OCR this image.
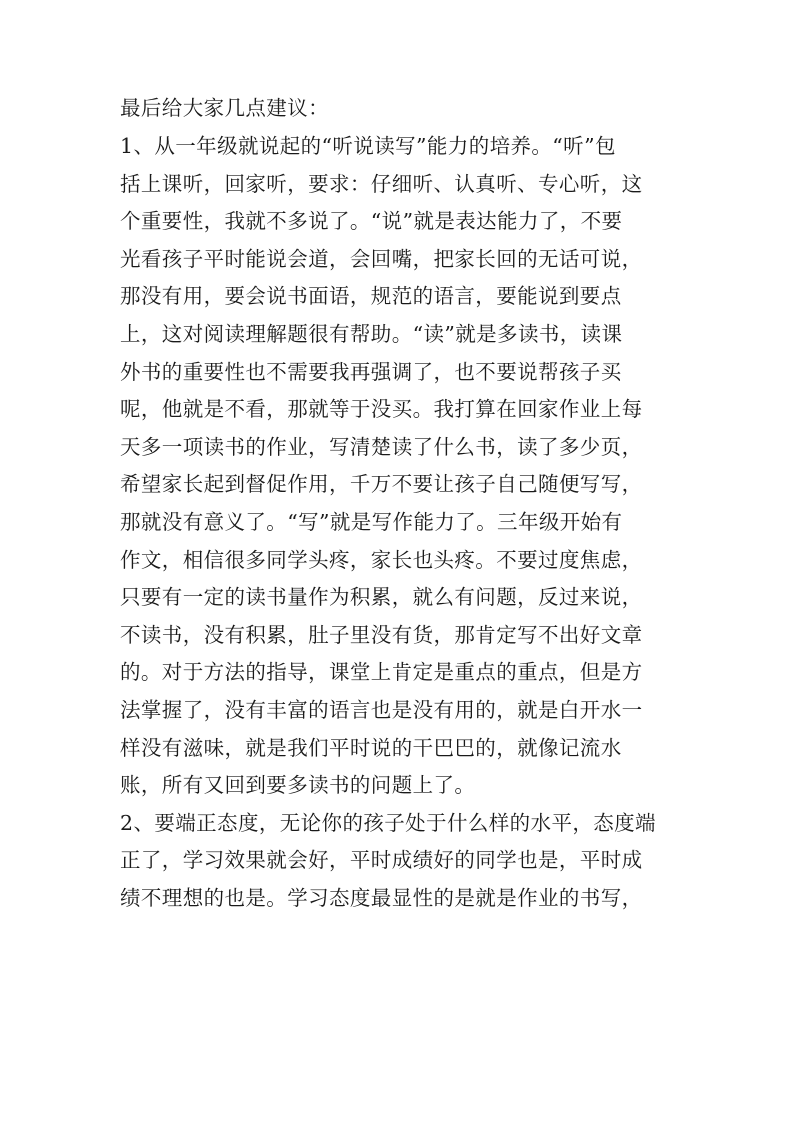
最后给大家几点建议：
1、从一年级就说起的“听说读写”能力的培养。“听”包
括上课听，回家听，要求：仔细听、认真听、专心听，这
个重要性，我就不多说了。“说”就是表达能力了，不要
光看孩子平时能说会道，会回嘴，把家长回的无话可说，
那没有用，要会说书面语，规范的语言，要能说到要点
上，这对阅读理解题很有帮助。“读”就是多读书，读课
外书的重要性也不需要我再强调了，也不要说帮孩子买
呢，他就是不看，那就等于没买。我打算在回家作业上每
天多一项读书的作业，写清楚读了什么书，读了多少页，
希望家长起到督促作用，千万不要让孩子自己随便写写，
那就没有意义了。“写”就是写作能力了。三年级开始有
作文，相信很多同学头疼，家长也头疼。不要过度焦虑，
只要有一定的读书量作为积累，就么有问题，反过来说，
不读书，没有积累，肚子里没有货，那肯定写不出好文章
的。对于方法的指导，课堂上肯定是重点的重点，但是方
法掌握了，没有丰富的语言也是没有用的，就是白开水一
样没有滋味，就是我们平时说的干巴巴的，就像记流水
账，所有又回到要多读书的问题上了。
2、要端正态度，无论你的孩子处于什么样的水平，态度端
正了，学习效果就会好，平时成绩好的同学也是，平时成
绩不理想的也是。学习态度最显性的是就是作业的书写，
